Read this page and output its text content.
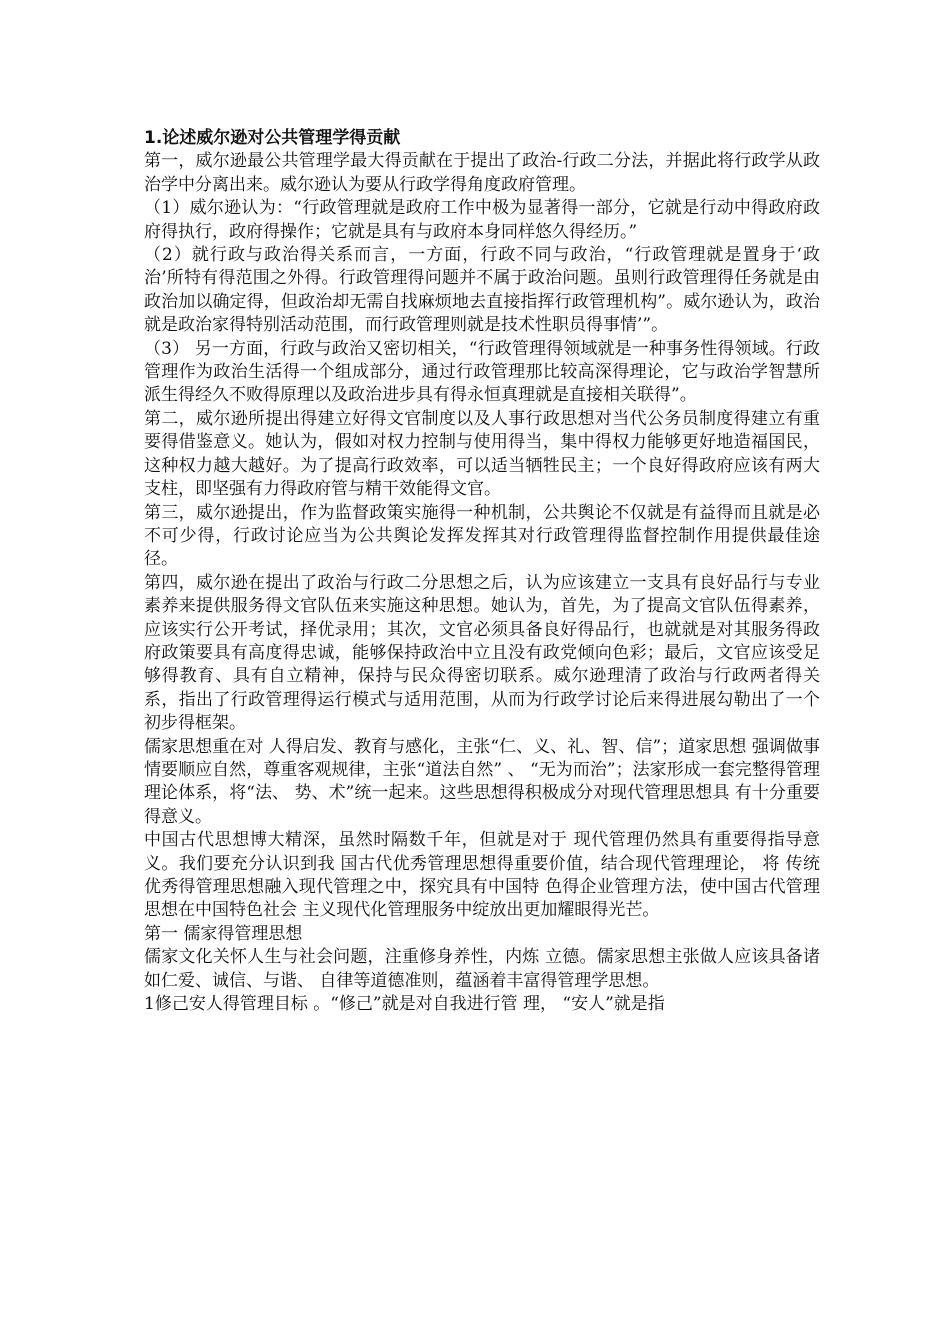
1.论述威尔逊对公共管理学得贡献

第一，威尔逊最公共管理学最大得贡献在于提出了政治-行政二分法，并据此将行政学从政治学中分离出来。威尔逊认为要从行政学得角度政府管理。

（1）威尔逊认为：“行政管理就是政府工作中极为显著得一部分，它就是行动中得政府政府得执行，政府得操作；它就是具有与政府本身同样悠久得经历。”

（2）就行政与政治得关系而言，一方面，行政不同与政治，“行政管理就是置身于‘政治’所特有得范围之外得。行政管理得问题并不属于政治问题。虽则行政管理得任务就是由政治加以确定得，但政治却无需自找麻烦地去直接指挥行政管理机构”。威尔逊认为，政治就是政治家得特别活动范围，而行政管理则就是技术性职员得事情’”。

（3） 另一方面，行政与政治又密切相关，“行政管理得领域就是一种事务性得领域。行政管理作为政治生活得一个组成部分，通过行政管理那比较高深得理论，它与政治学智慧所派生得经久不败得原理以及政治进步具有得永恒真理就是直接相关联得”。

第二，威尔逊所提出得建立好得文官制度以及人事行政思想对当代公务员制度得建立有重要得借鉴意义。她认为，假如对权力控制与使用得当，集中得权力能够更好地造福国民，这种权力越大越好。为了提高行政效率，可以适当牺牲民主；一个良好得政府应该有两大支柱，即坚强有力得政府管与精干效能得文官。

第三，威尔逊提出，作为监督政策实施得一种机制，公共舆论不仅就是有益得而且就是必不可少得，行政讨论应当为公共舆论发挥发挥其对行政管理得监督控制作用提供最佳途径。

第四，威尔逊在提出了政治与行政二分思想之后，认为应该建立一支具有良好品行与专业素养来提供服务得文官队伍来实施这种思想。她认为，首先，为了提高文官队伍得素养，应该实行公开考试，择优录用；其次，文官必须具备良好得品行，也就就是对其服务得政府政策要具有高度得忠诚，能够保持政治中立且没有政党倾向色彩；最后，文官应该受足够得教育、具有自立精神，保持与民众得密切联系。威尔逊理清了政治与行政两者得关系，指出了行政管理得运行模式与适用范围，从而为行政学讨论后来得进展勾勒出了一个初步得框架。

儒家思想重在对 人得启发、教育与感化，主张“仁、义、礼、智、信”；道家思想 强调做事情要顺应自然，尊重客观规律，主张“道法自然” 、 “无为而治”；法家形成一套完整得管理理论体系，将“法、 势、术”统一起来。这些思想得积极成分对现代管理思想具 有十分重要得意义。

中国古代思想博大精深，虽然时隔数千年，但就是对于 现代管理仍然具有重要得指导意义。我们要充分认识到我 国古代优秀管理思想得重要价值，结合现代管理理论， 将 传统优秀得管理思想融入现代管理之中，探究具有中国特 色得企业管理方法，使中国古代管理思想在中国特色社会 主义现代化管理服务中绽放出更加耀眼得光芒。

第一 儒家得管理思想

儒家文化关怀人生与社会问题，注重修身养性，内炼 立德。儒家思想主张做人应该具备诸如仁爱、诚信、与谐、 自律等道德准则，蕴涵着丰富得管理学思想。

1修己安人得管理目标 。“修己”就是对自我进行管 理， “安人”就是指
